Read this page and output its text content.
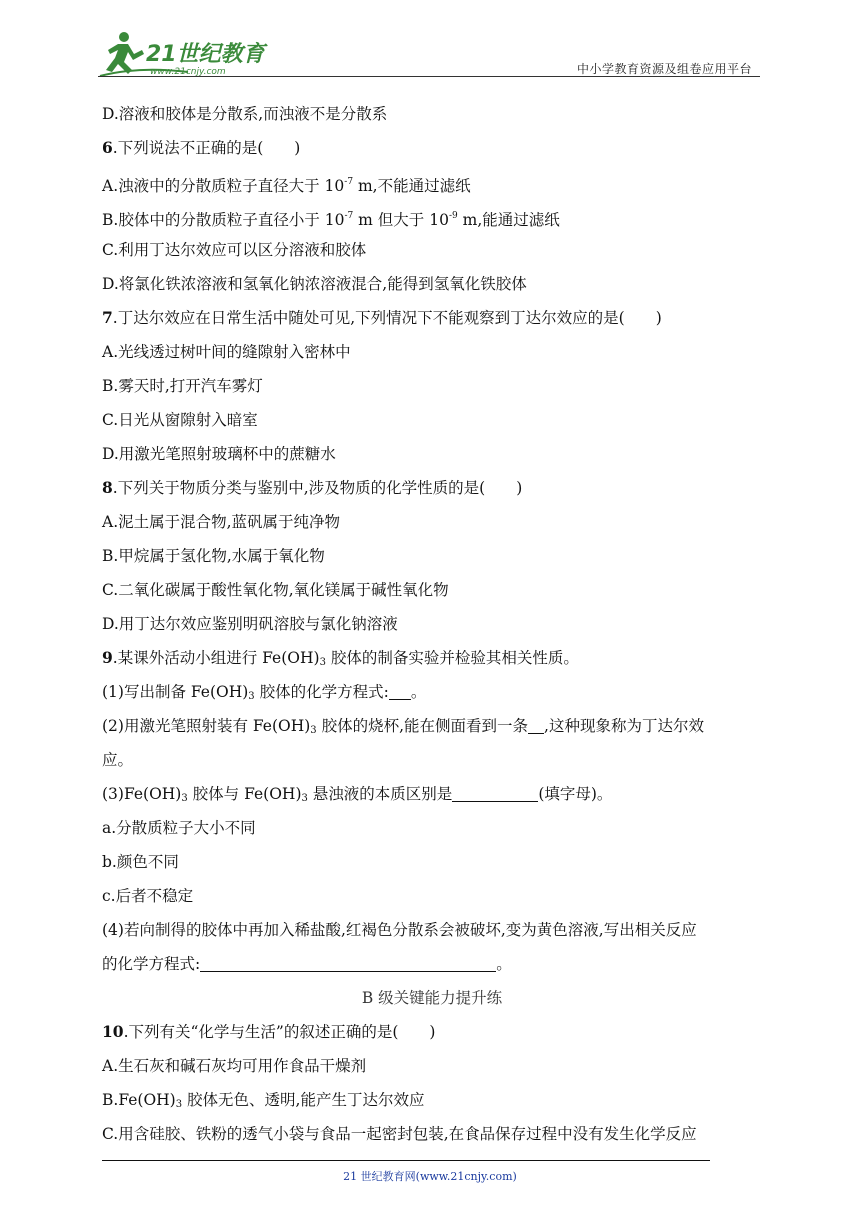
21世纪教育
www.21cnjy.com	中小学教育资源及组卷应用平台
D.溶液和胶体是分散系,而浊液不是分散系
6.下列说法不正确的是(　　)
A.浊液中的分散质粒子直径大于 $10^{-7}$ m,不能通过滤纸
B.胶体中的分散质粒子直径小于 $10^{-7}$ m 但大于 $10^{-9}$ m,能通过滤纸
C.利用丁达尔效应可以区分溶液和胶体
D.将氯化铁浓溶液和氢氧化钠浓溶液混合,能得到氢氧化铁胶体
7.丁达尔效应在日常生活中随处可见,下列情况下不能观察到丁达尔效应的是(　　)
A.光线透过树叶间的缝隙射入密林中
B.雾天时,打开汽车雾灯
C.日光从窗隙射入暗室
D.用激光笔照射玻璃杯中的蔗糖水
8.下列关于物质分类与鉴别中,涉及物质的化学性质的是(　　)
A.泥土属于混合物,蓝矾属于纯净物
B.甲烷属于氢化物,水属于氧化物
C.二氧化碳属于酸性氧化物,氧化镁属于碱性氧化物
D.用丁达尔效应鉴别明矾溶胶与氯化钠溶液
9.某课外活动小组进行 $Fe(OH)_3$ 胶体的制备实验并检验其相关性质。
(1)写出制备 $Fe(OH)_3$ 胶体的化学方程式: 。
(2)用激光笔照射装有 $Fe(OH)_3$ 胶体的烧杯,能在侧面看到一条 ,这种现象称为丁达尔效
应。
$(3)Fe(OH)_3$ 胶体与 $Fe(OH)_3$ 悬浊液的本质区别是	(填字母)。
a.分散质粒子大小不同
b.颜色不同
c.后者不稳定
(4)若向制得的胶体中再加入稀盐酸,红褐色分散系会被破坏,变为黄色溶液,写出相关反应
的化学方程式:	。
B 级关键能力提升练
10.下列有关“化学与生活”的叙述正确的是(　　)
A.生石灰和碱石灰均可用作食品干燥剂
$B.Fe(OH)_3$ 胶体无色、透明,能产生丁达尔效应
C.用含硅胶、铁粉的透气小袋与食品一起密封包装,在食品保存过程中没有发生化学反应
21 世纪教育网(www.21cnjy.com)
